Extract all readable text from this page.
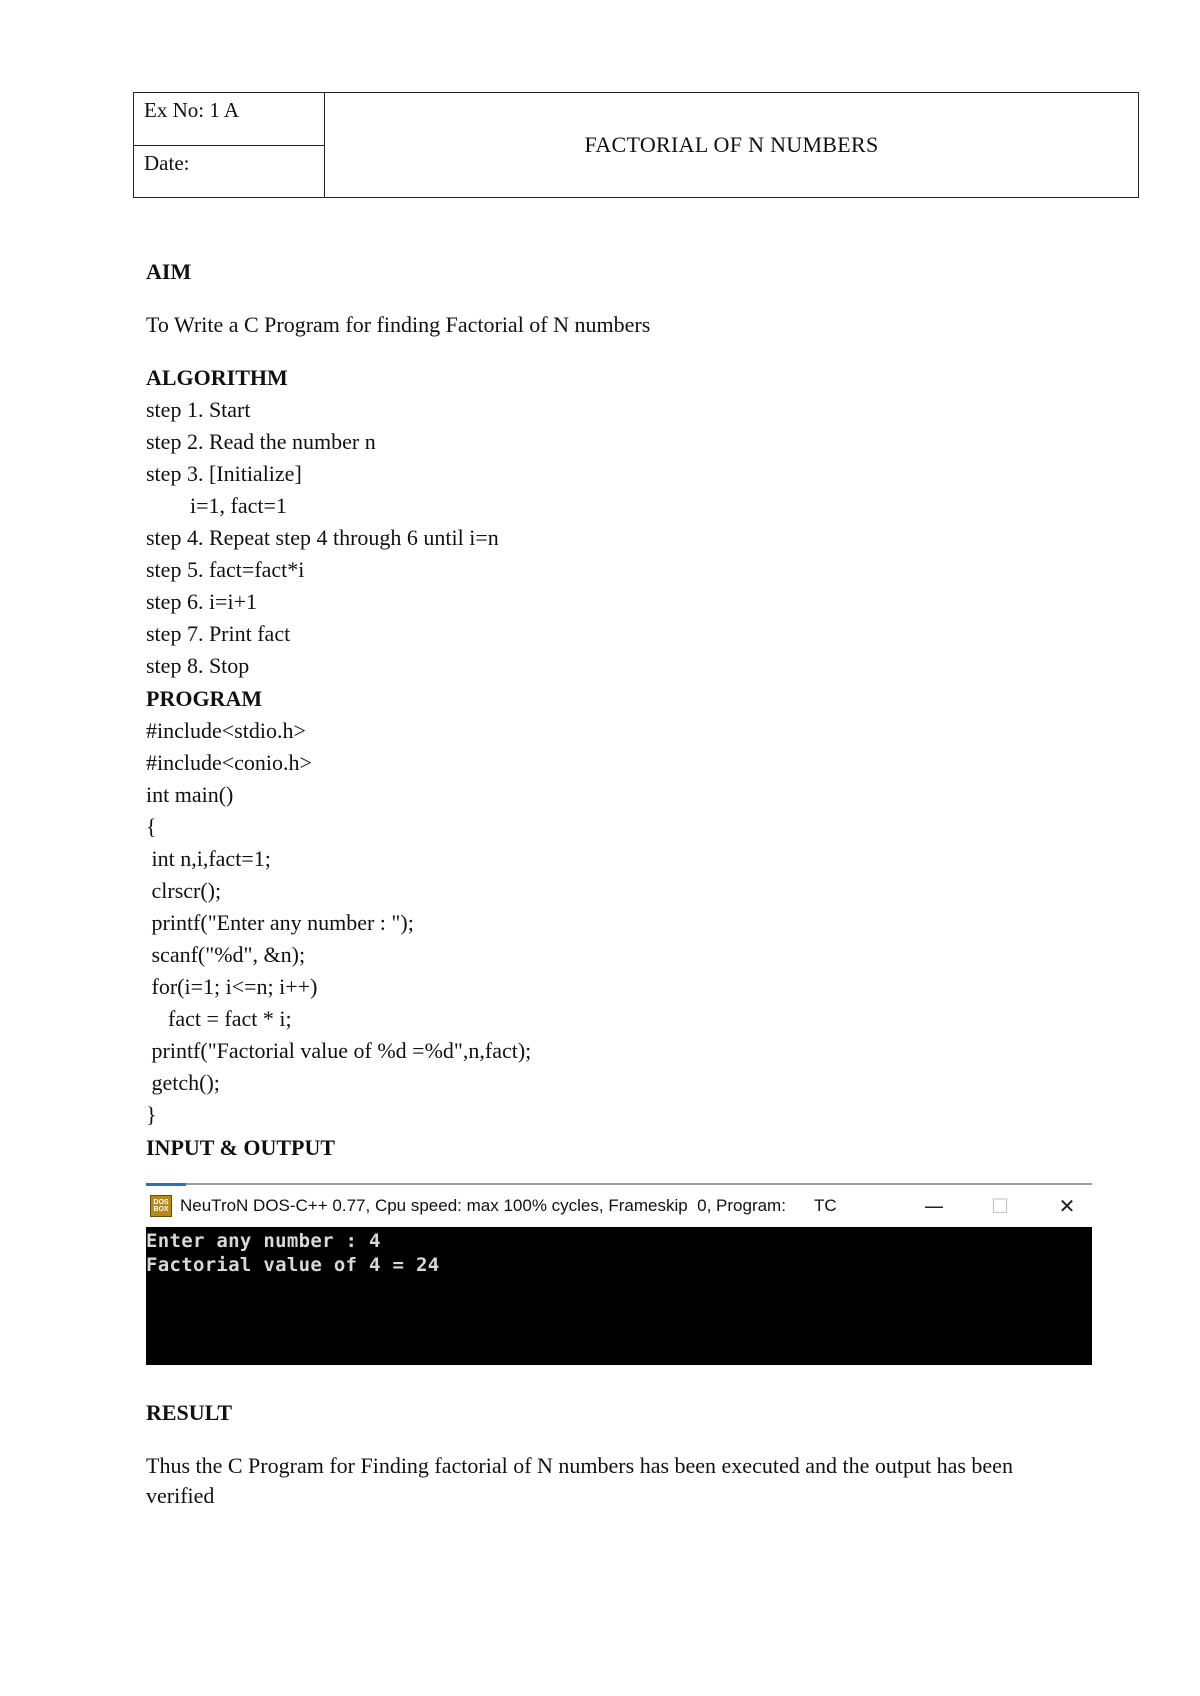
Ex No: 1 A
Date:
FACTORIAL OF N NUMBERS
AIM
To Write a C Program for finding Factorial of N numbers
ALGORITHM
step 1. Start
step 2. Read the number n
step 3. [Initialize]
i=1, fact=1
step 4. Repeat step 4 through 6 until i=n
step 5. fact=fact*i
step 6. i=i+1
step 7. Print fact
step 8. Stop
PROGRAM
#include<stdio.h>
#include<conio.h>
int main()
{
int n,i,fact=1;
clrscr();
printf("Enter any number : ");
scanf("%d", &n);
for(i=1; i<=n; i++)
fact = fact * i;
printf("Factorial value of %d =%d",n,fact);
getch();
}
INPUT & OUTPUT
DOS BOX NeuTroN DOS-C++ 0.77, Cpu speed: max 100% cycles, Frameskip  0, Program:      TC	—	☐	✕
Enter any number : 4
Factorial value of 4 = 24
RESULT
Thus the C Program for Finding factorial of N numbers has been executed and the output has been verified
